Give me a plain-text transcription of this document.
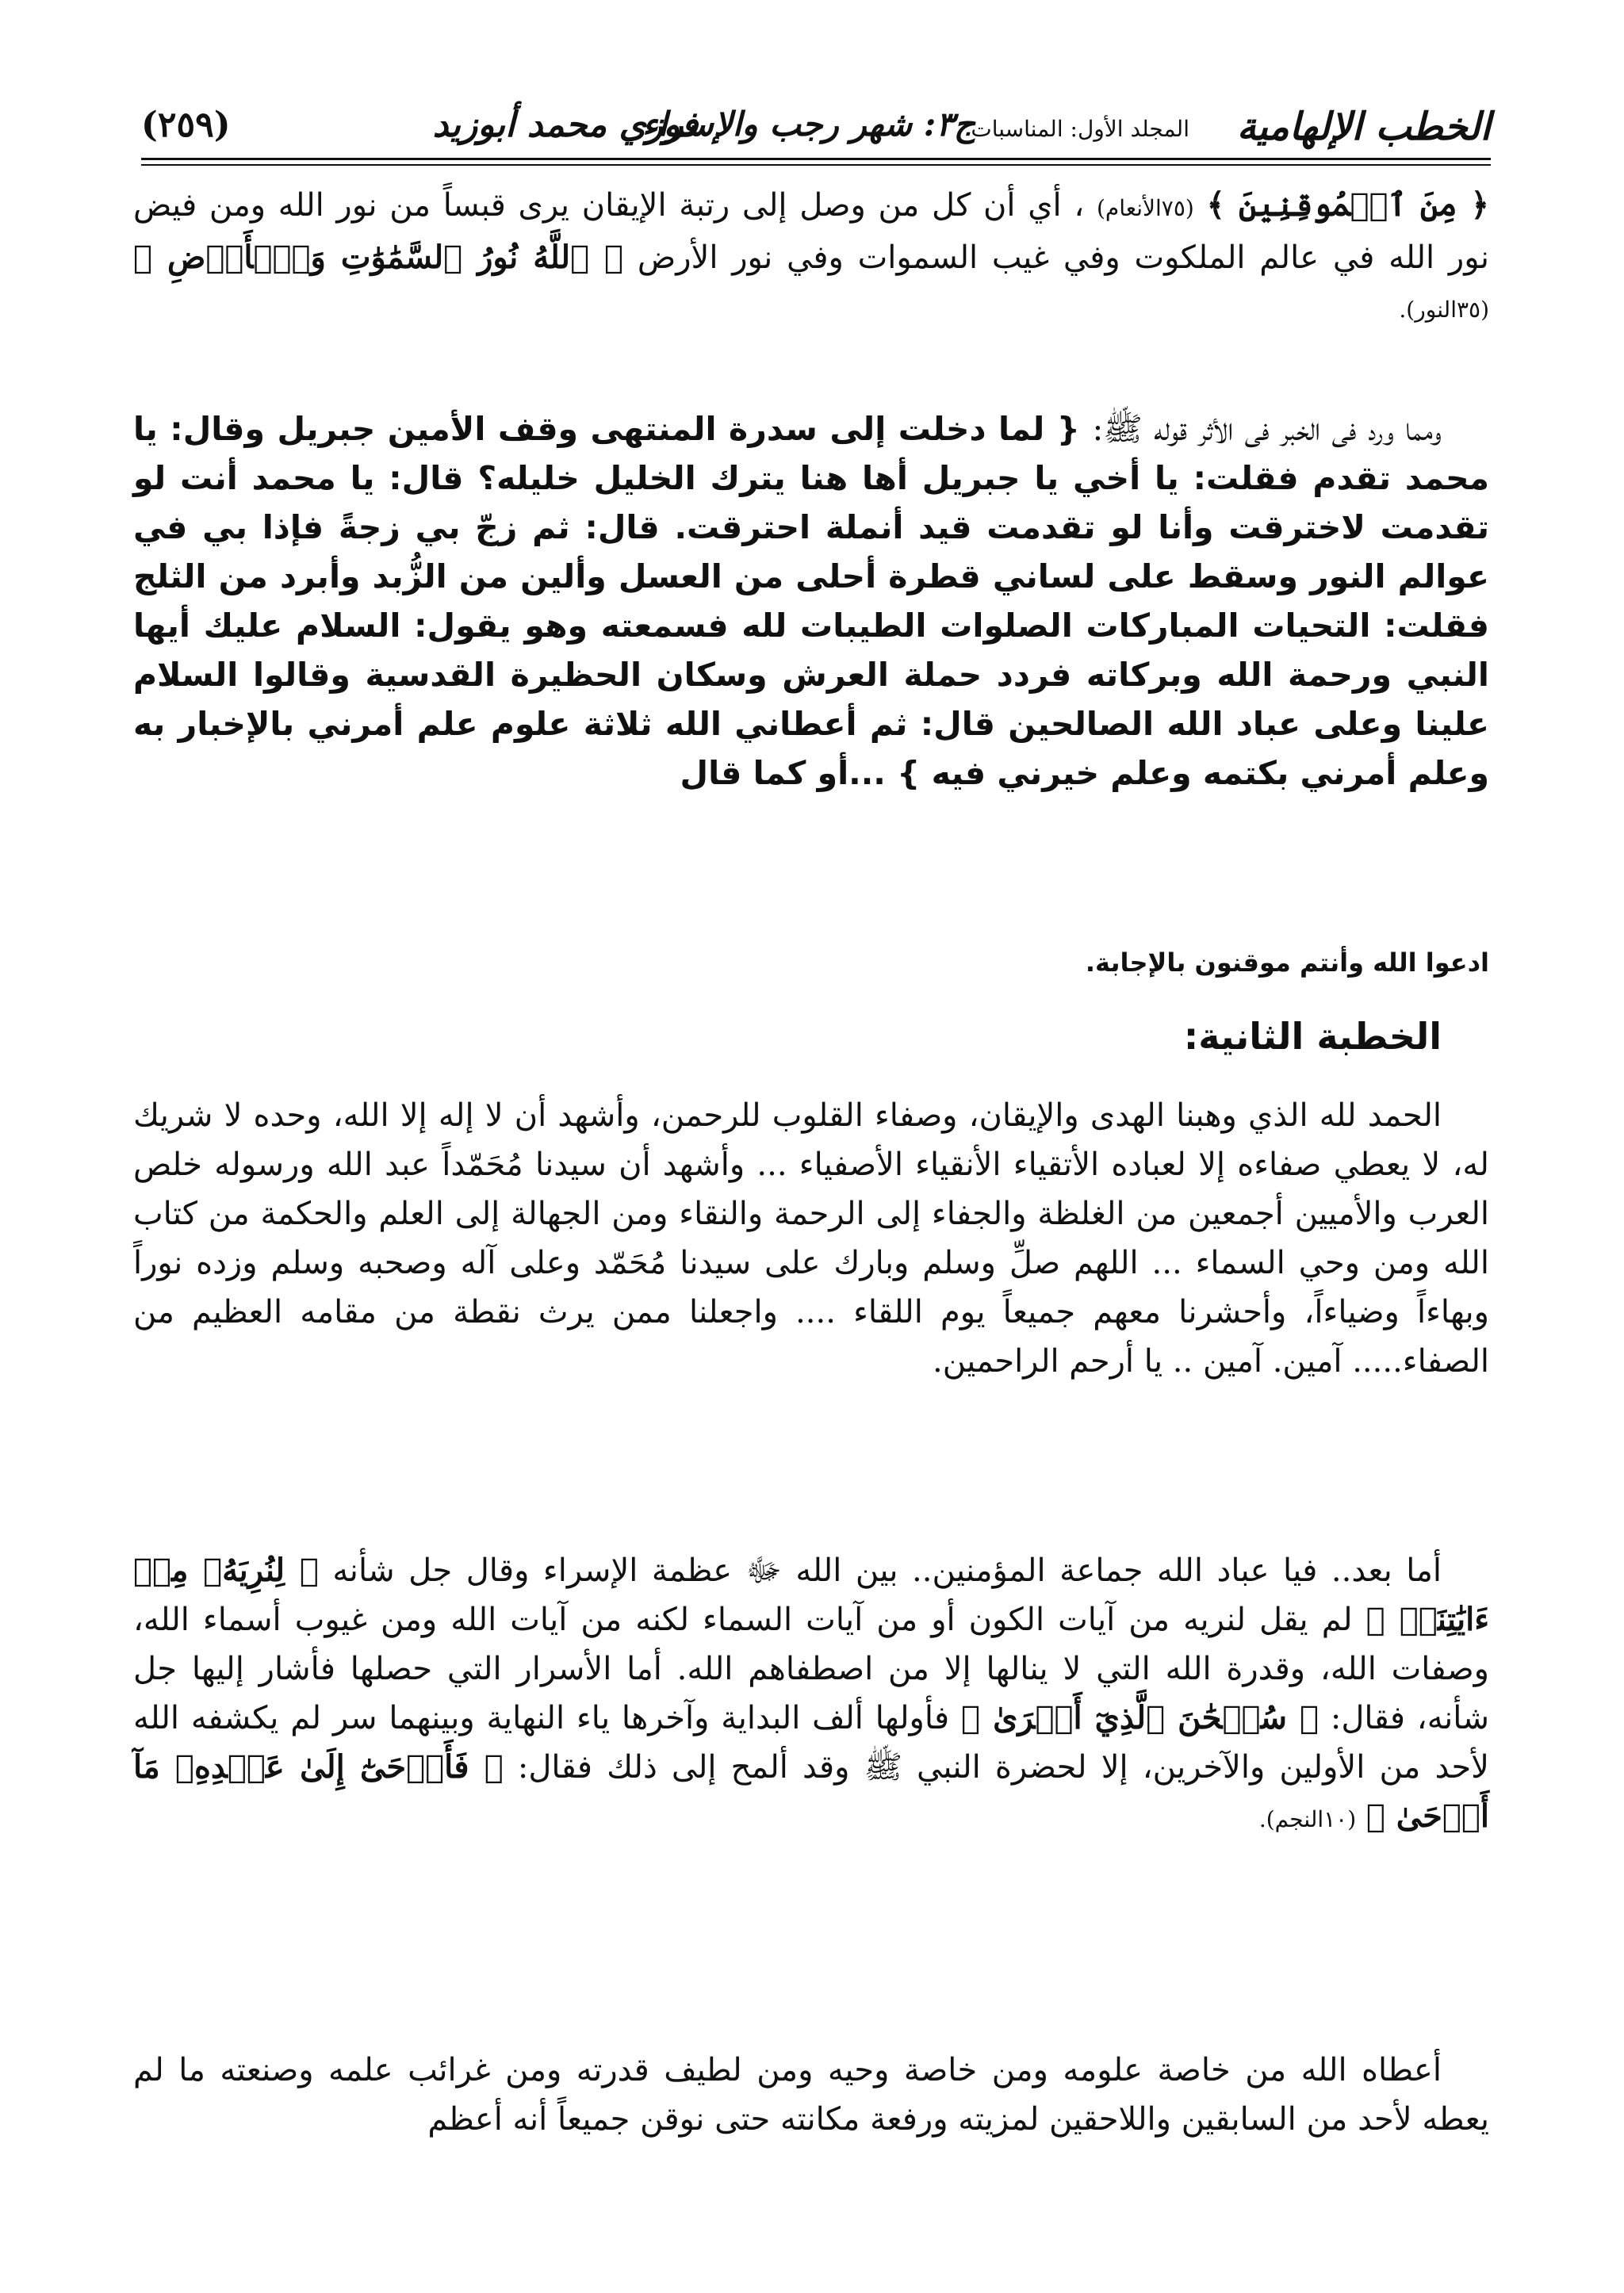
الخطب الإلهامية
المجلد الأول: المناسبات
ج٣: شهر رجب والإسراء
فوزي محمد أبوزيد
(٢٥٩)
﴿ مِنَ ٱلۡمُوقِنِينَ ﴾ (٧٥الأنعام) ، أي أن كل من وصل إلى رتبة الإيقان يرى قبساً من نور الله ومن فيض نور الله في عالم الملكوت وفي غيب السموات وفي نور الأرض ﴿ ٱللَّهُ نُورُ ٱلسَّمَٰوَٰتِ وَٱلۡأَرۡضِ ﴾ (٣٥النور).
ومما ورد فى الخبر فى الأثر قوله ﷺ: { لما دخلت إلى سدرة المنتهى وقف الأمين جبريل وقال: يا محمد تقدم فقلت: يا أخي يا جبريل أها هنا يترك الخليل خليله؟ قال: يا محمد أنت لو تقدمت لاخترقت وأنا لو تقدمت قيد أنملة احترقت. قال: ثم زجّ بي زجةً فإذا بي في عوالم النور وسقط على لساني قطرة أحلى من العسل وألين من الزُّبد وأبرد من الثلج فقلت: التحيات المباركات الصلوات الطيبات لله فسمعته وهو يقول: السلام عليك أيها النبي ورحمة الله وبركاته فردد حملة العرش وسكان الحظيرة القدسية وقالوا السلام علينا وعلى عباد الله الصالحين قال: ثم أعطاني الله ثلاثة علوم علم أمرني بالإخبار به وعلم أمرني بكتمه وعلم خيرني فيه } ...أو كما قال
ادعوا الله وأنتم موقنون بالإجابة.
الخطبة الثانية:
الحمد لله الذي وهبنا الهدى والإيقان، وصفاء القلوب للرحمن، وأشهد أن لا إله إلا الله، وحده لا شريك له، لا يعطي صفاءه إلا لعباده الأتقياء الأنقياء الأصفياء ... وأشهد أن سيدنا مُحَمّداً عبد الله ورسوله خلص العرب والأميين أجمعين من الغلظة والجفاء إلى الرحمة والنقاء ومن الجهالة إلى العلم والحكمة من كتاب الله ومن وحي السماء ... اللهم صلِّ وسلم وبارك على سيدنا مُحَمّد وعلى آله وصحبه وسلم وزده نوراً وبهاءاً وضياءاً، وأحشرنا معهم جميعاً يوم اللقاء .... واجعلنا ممن يرث نقطة من مقامه العظيم من الصفاء..... آمين. آمين .. يا أرحم الراحمين.
أما بعد.. فيا عباد الله جماعة المؤمنين.. بين الله ﷻ عظمة الإسراء وقال جل شأنه ﴿ لِنُرِيَهُۥ مِنۡ ءَايَٰتِنَآۚ ﴾ لم يقل لنريه من آيات الكون أو من آيات السماء لكنه من آيات الله ومن غيوب أسماء الله، وصفات الله، وقدرة الله التي لا ينالها إلا من اصطفاهم الله. أما الأسرار التي حصلها فأشار إليها جل شأنه، فقال: ﴿ سُبۡحَٰنَ ٱلَّذِيٓ أَسۡرَىٰ ﴾ فأولها ألف البداية وآخرها ياء النهاية وبينهما سر لم يكشفه الله لأحد من الأولين والآخرين، إلا لحضرة النبي ﷺ وقد ألمح إلى ذلك فقال: ﴿ فَأَوۡحَىٰٓ إِلَىٰ عَبۡدِهِۦ مَآ أَوۡحَىٰ ﴾ (١٠النجم).
أعطاه الله من خاصة علومه ومن خاصة وحيه ومن لطيف قدرته ومن غرائب علمه وصنعته ما لم يعطه لأحد من السابقين واللاحقين لمزيته ورفعة مكانته حتى نوقن جميعاً أنه أعظم
